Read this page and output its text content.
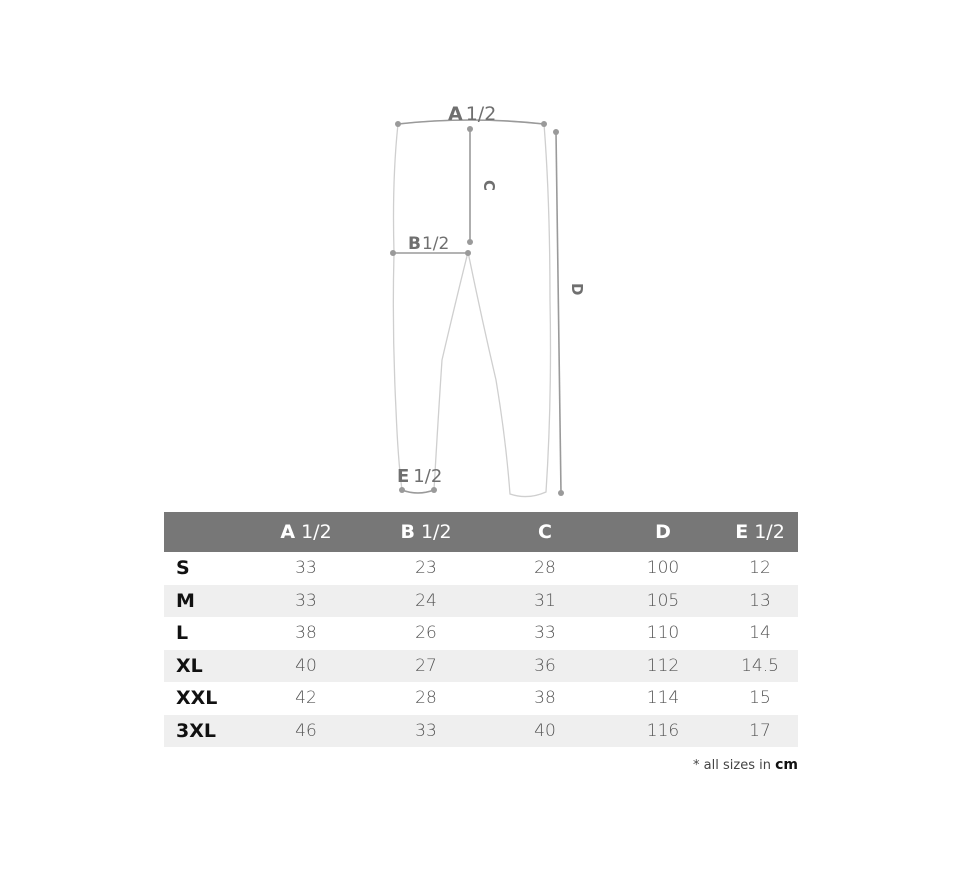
A 1/2
C
B1/2
D
E 1/2
	A 1/2	B 1/2	C	D	E 1/2
S	33	23	28	100	12
M	33	24	31	105	13
L	38	26	33	110	14
XL	40	27	36	112	14.5
XXL	42	28	38	114	15
3XL	46	33	40	116	17
* all sizes in cm
